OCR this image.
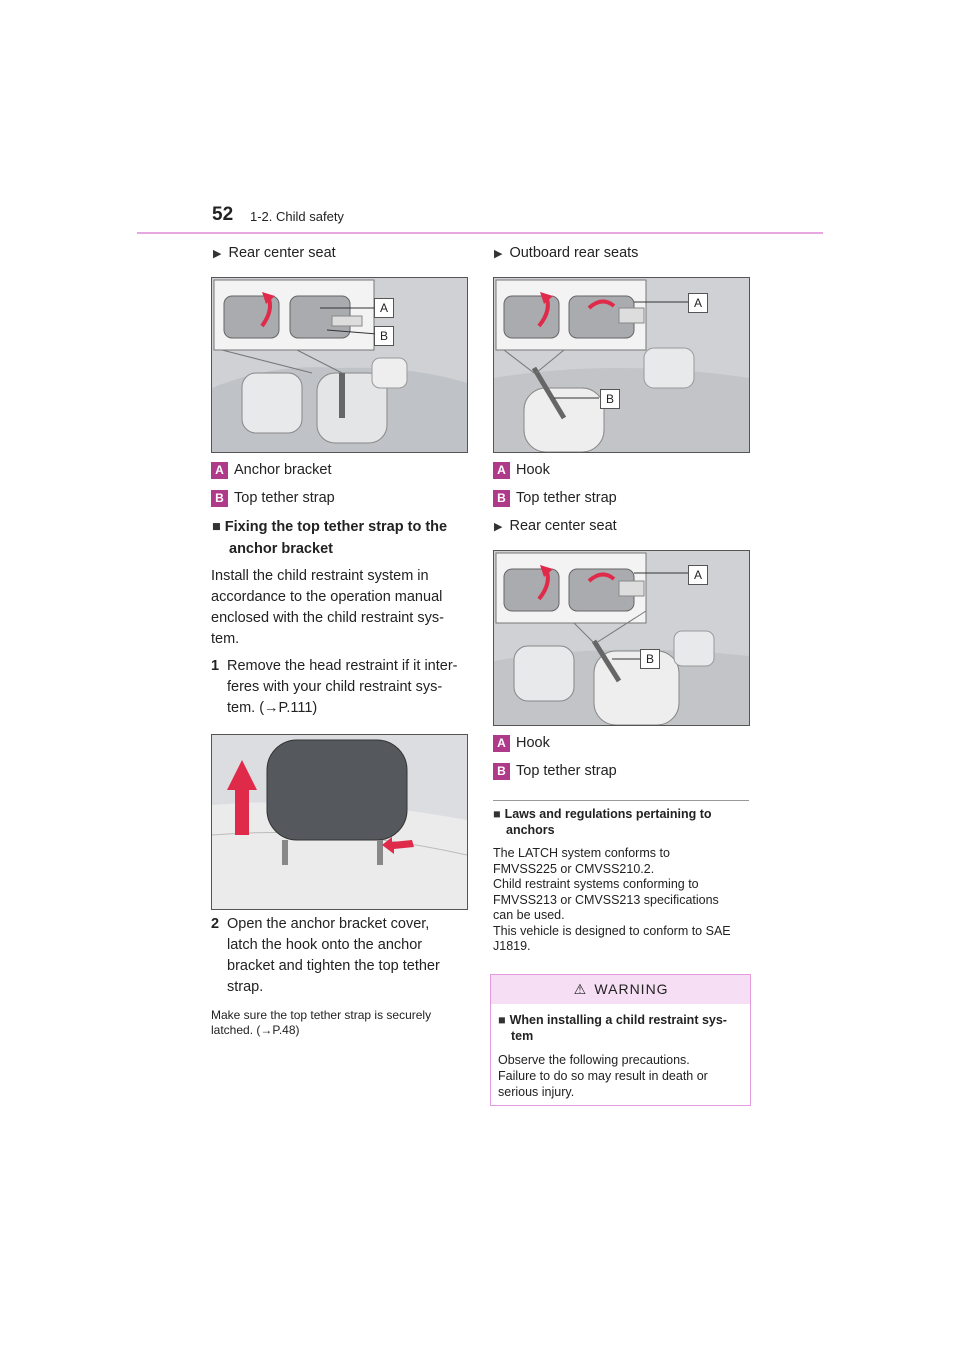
52 1-2. Child safety
▶ Rear center seat
A
B
A Anchor bracket
B Top tether strap
■ Fixing the top tether strap to the
anchor bracket
Install the child restraint system in
accordance to the operation manual
enclosed with the child restraint sys-
tem.
1 Remove the head restraint if it inter-
feres with your child restraint sys-
tem. (→P.111)
2 Open the anchor bracket cover,
latch the hook onto the anchor
bracket and tighten the top tether
strap.
Make sure the top tether strap is securely
latched. (→P.48)
▶ Outboard rear seats
A
B
A Hook
B Top tether strap
▶ Rear center seat
A
B
A Hook
B Top tether strap
■ Laws and regulations pertaining to
anchors
The LATCH system conforms to
FMVSS225 or CMVSS210.2.
Child restraint systems conforming to
FMVSS213 or CMVSS213 specifications
can be used.
This vehicle is designed to conform to SAE
J1819.
⚠ WARNING
■ When installing a child restraint sys-
tem
Observe the following precautions.
Failure to do so may result in death or
serious injury.
